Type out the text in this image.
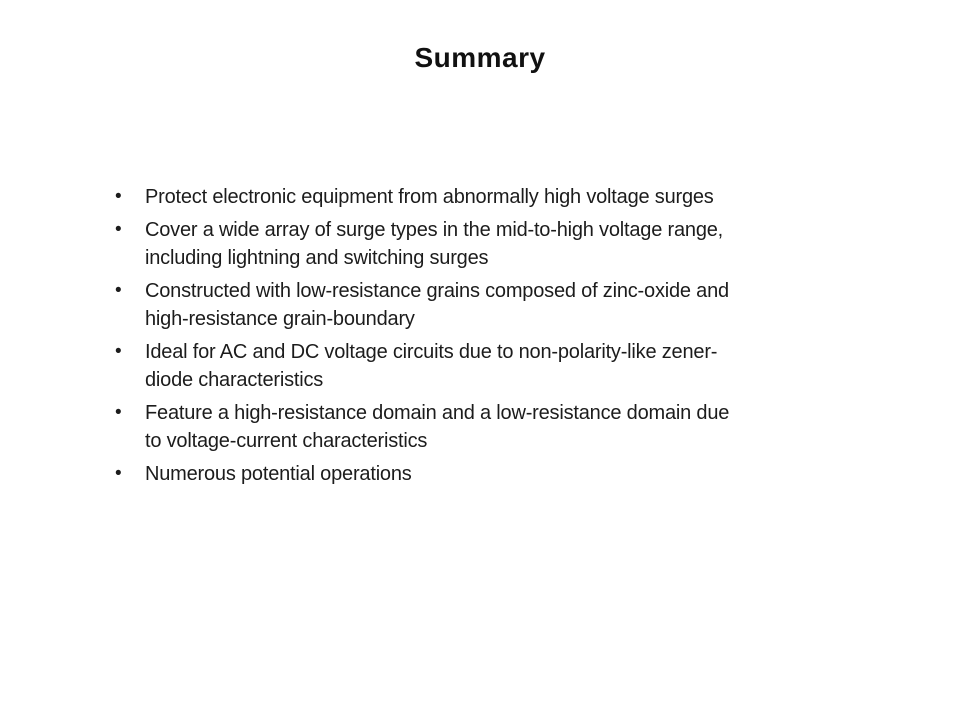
Summary
•	Protect electronic equipment from abnormally high voltage surges
•	Cover a wide array of surge types in the mid-to-high voltage range,
including lightning and switching surges
•	Constructed with low-resistance grains composed of zinc-oxide and
high-resistance grain-boundary
•	Ideal for AC and DC voltage circuits due to non-polarity-like zener-
diode characteristics
•	Feature a high-resistance domain and a low-resistance domain due
to voltage-current characteristics
•	Numerous potential operations
